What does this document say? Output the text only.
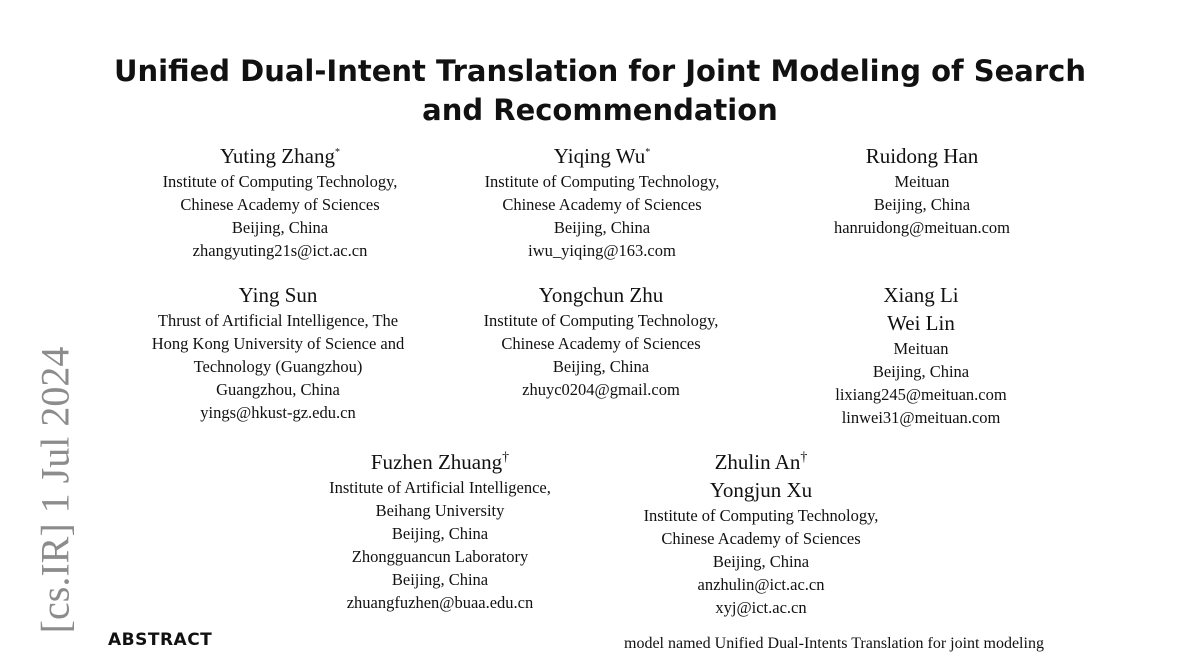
Unified Dual-Intent Translation for Joint Modeling of Search and Recommendation
[cs.IR] 1 Jul 2024
Yuting Zhang*
Institute of Computing Technology,
Chinese Academy of Sciences
Beijing, China
zhangyuting21s@ict.ac.cn
Yiqing Wu*
Institute of Computing Technology,
Chinese Academy of Sciences
Beijing, China
iwu_yiqing@163.com
Ruidong Han
Meituan
Beijing, China
hanruidong@meituan.com
Ying Sun
Thrust of Artificial Intelligence, The
Hong Kong University of Science and
Technology (Guangzhou)
Guangzhou, China
yings@hkust-gz.edu.cn
Yongchun Zhu
Institute of Computing Technology,
Chinese Academy of Sciences
Beijing, China
zhuyc0204@gmail.com
Xiang Li
Wei Lin
Meituan
Beijing, China
lixiang245@meituan.com
linwei31@meituan.com
Fuzhen Zhuang†
Institute of Artificial Intelligence,
Beihang University
Beijing, China
Zhongguancun Laboratory
Beijing, China
zhuangfuzhen@buaa.edu.cn
Zhulin An†
Yongjun Xu
Institute of Computing Technology,
Chinese Academy of Sciences
Beijing, China
anzhulin@ict.ac.cn
xyj@ict.ac.cn
ABSTRACT	model named Unified Dual-Intents Translation for joint modeling
